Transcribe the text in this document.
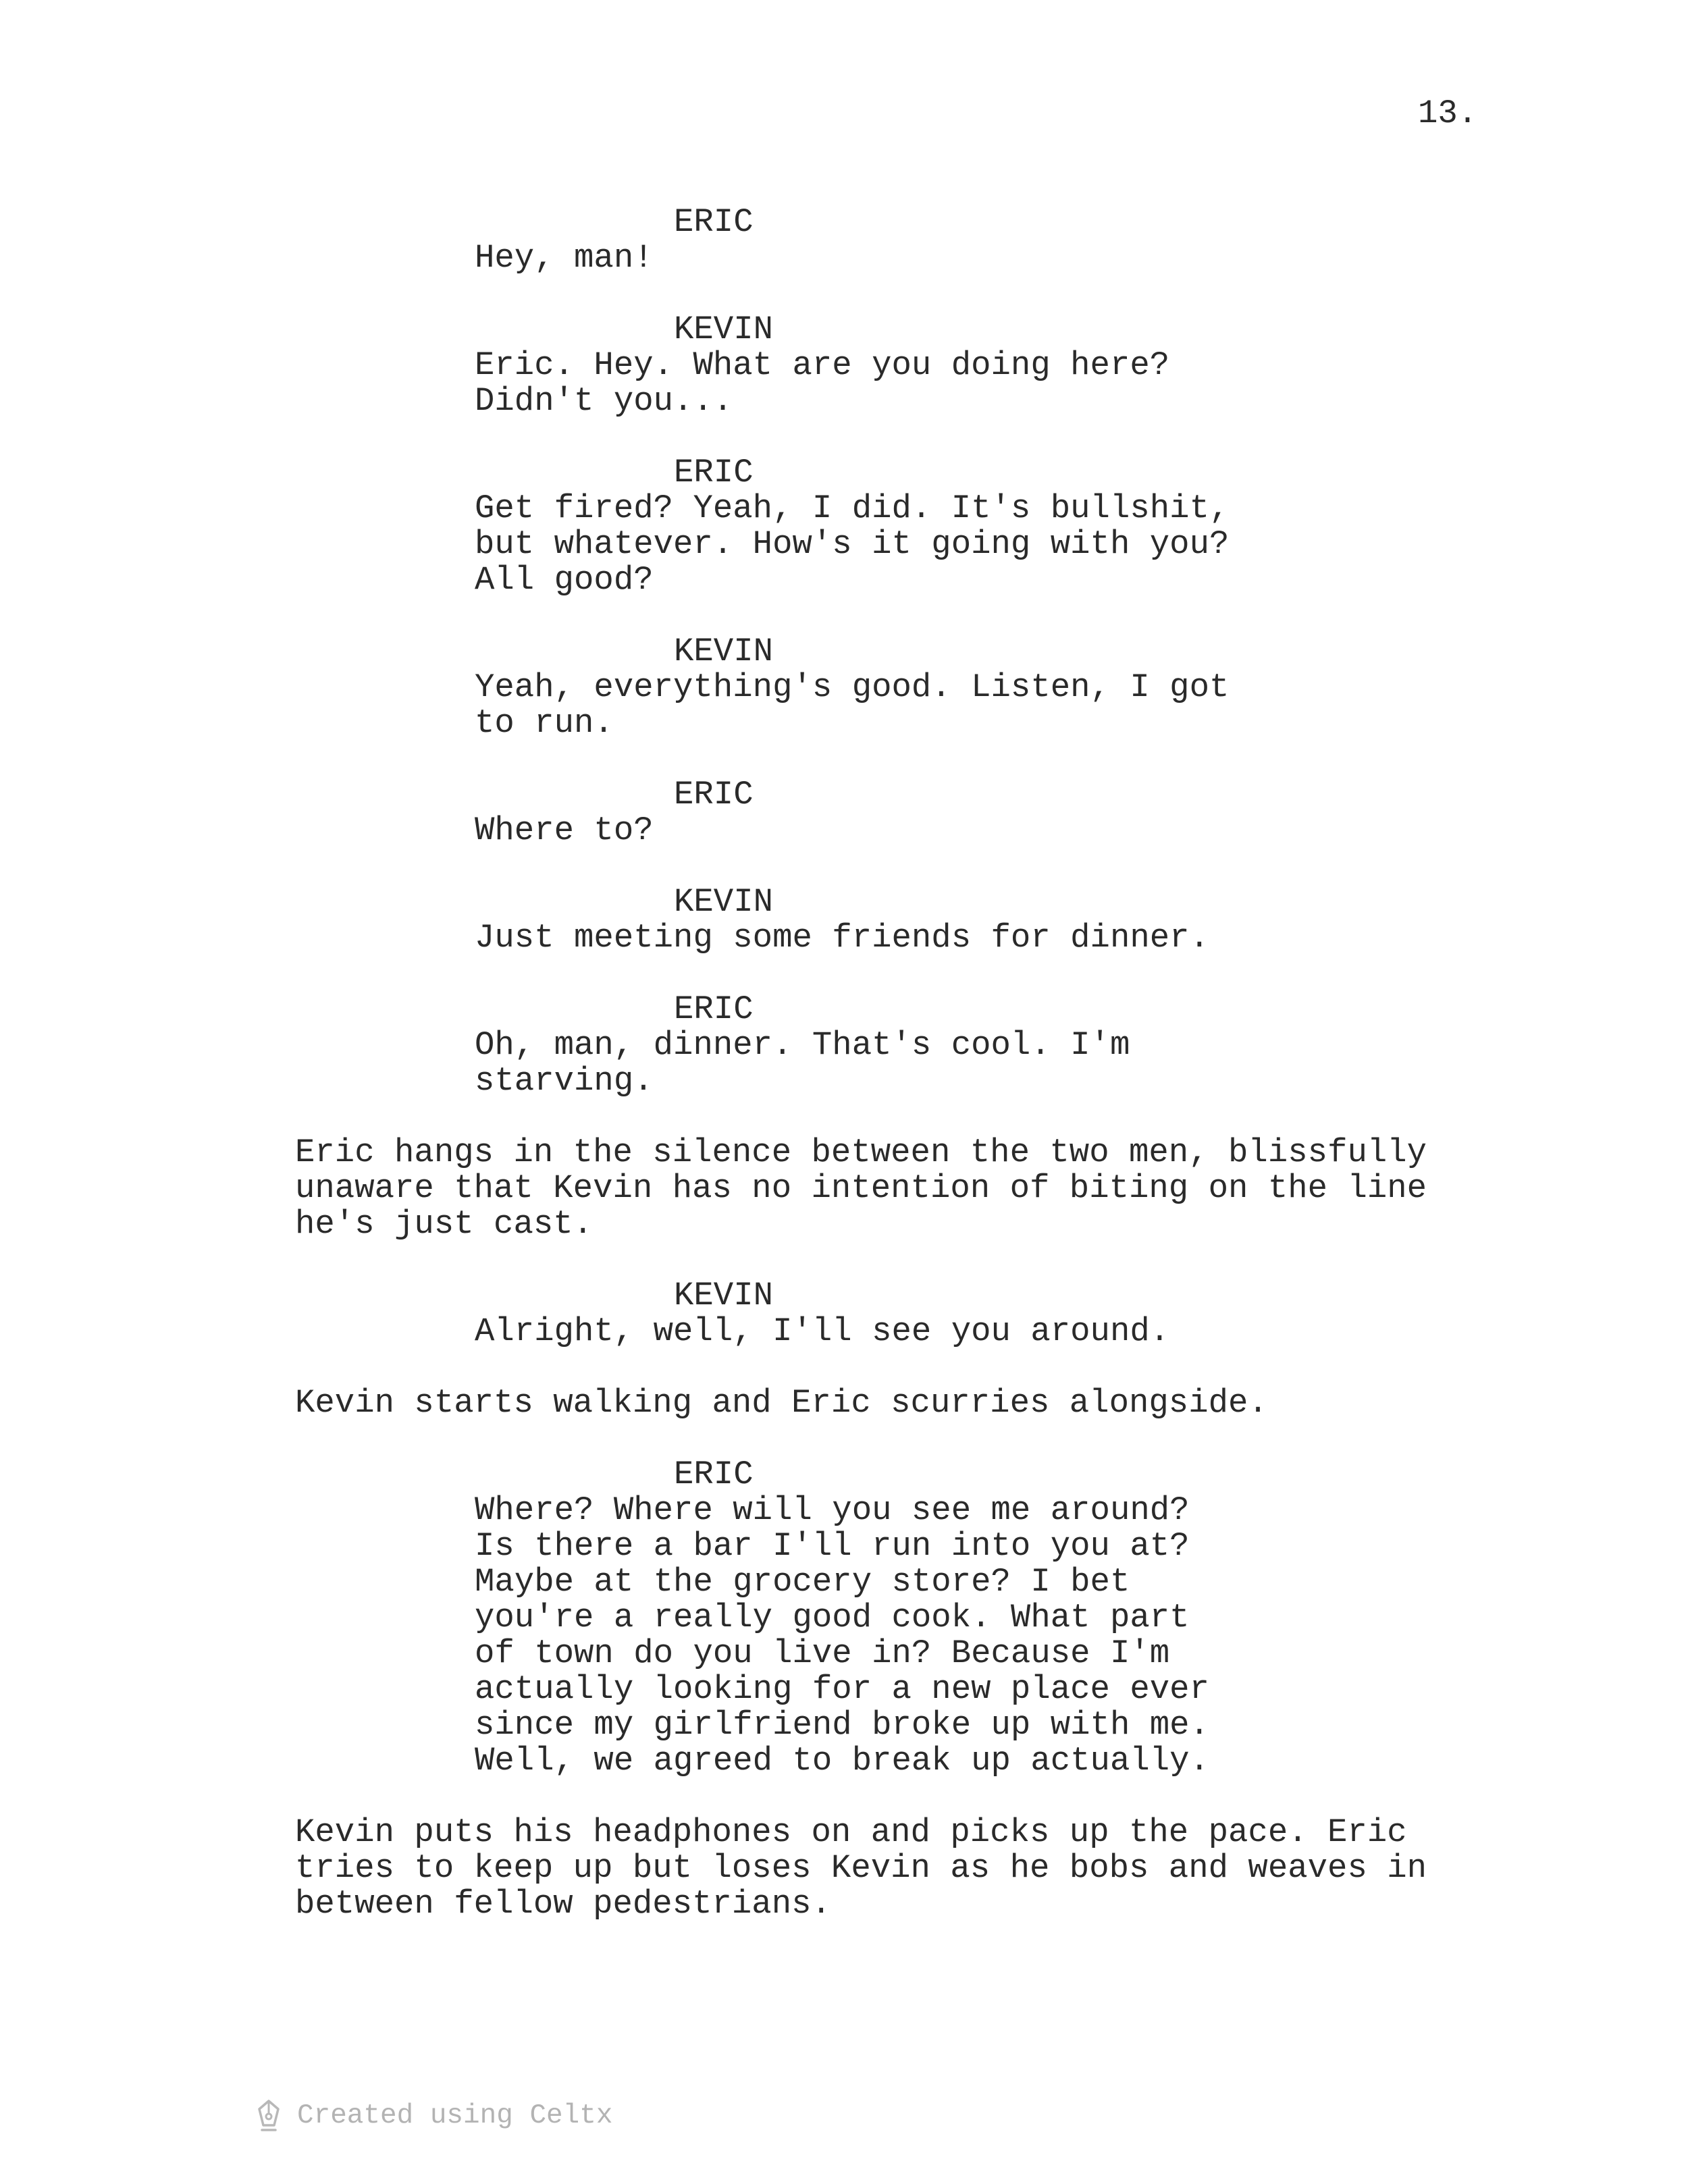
13.
ERIC
Hey, man!
KEVIN
Eric. Hey. What are you doing here?
Didn't you...
ERIC
Get fired? Yeah, I did. It's bullshit,
but whatever. How's it going with you?
All good?
KEVIN
Yeah, everything's good. Listen, I got
to run.
ERIC
Where to?
KEVIN
Just meeting some friends for dinner.
ERIC
Oh, man, dinner. That's cool. I'm
starving.
Eric hangs in the silence between the two men, blissfully
unaware that Kevin has no intention of biting on the line
he's just cast.
KEVIN
Alright, well, I'll see you around.
Kevin starts walking and Eric scurries alongside.
ERIC
Where? Where will you see me around?
Is there a bar I'll run into you at?
Maybe at the grocery store? I bet
you're a really good cook. What part
of town do you live in? Because I'm
actually looking for a new place ever
since my girlfriend broke up with me.
Well, we agreed to break up actually.
Kevin puts his headphones on and picks up the pace. Eric
tries to keep up but loses Kevin as he bobs and weaves in
between fellow pedestrians.
Created using Celtx
